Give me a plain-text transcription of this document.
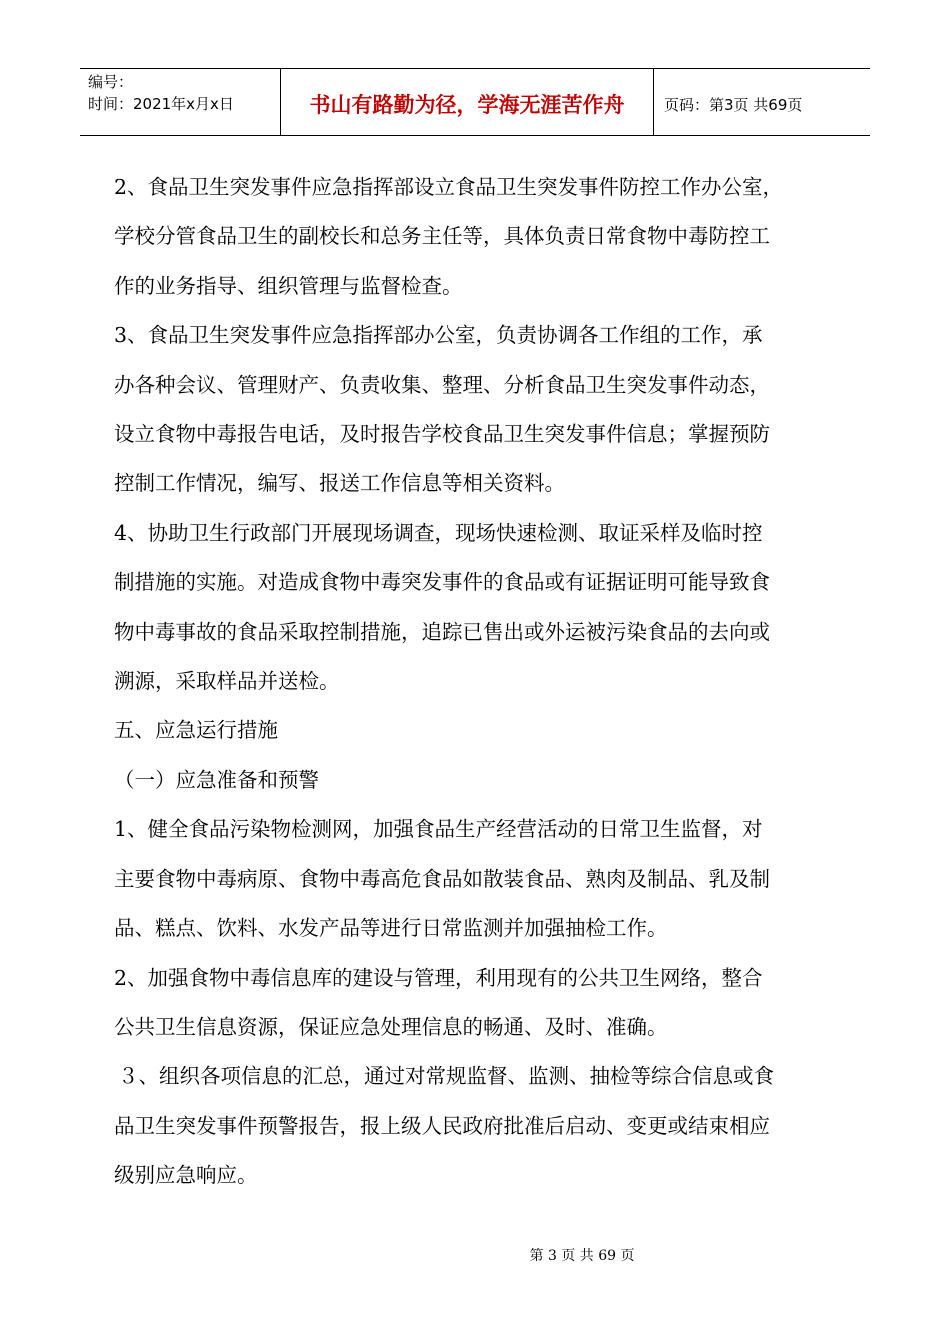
编号：
时间：2021年x月x日	书山有路勤为径，学海无涯苦作舟	页码：第3页 共69页

2、食品卫生突发事件应急指挥部设立食品卫生突发事件防控工作办公室，

学校分管食品卫生的副校长和总务主任等，具体负责日常食物中毒防控工

作的业务指导、组织管理与监督检查。

3、食品卫生突发事件应急指挥部办公室，负责协调各工作组的工作，承

办各种会议、管理财产、负责收集、整理、分析食品卫生突发事件动态，

设立食物中毒报告电话，及时报告学校食品卫生突发事件信息；掌握预防

控制工作情况，编写、报送工作信息等相关资料。

4、协助卫生行政部门开展现场调查，现场快速检测、取证采样及临时控

制措施的实施。对造成食物中毒突发事件的食品或有证据证明可能导致食

物中毒事故的食品采取控制措施，追踪已售出或外运被污染食品的去向或

溯源，采取样品并送检。

五、应急运行措施

（一）应急准备和预警

1、健全食品污染物检测网，加强食品生产经营活动的日常卫生监督，对

主要食物中毒病原、食物中毒高危食品如散装食品、熟肉及制品、乳及制

品、糕点、饮料、水发产品等进行日常监测并加强抽检工作。

2、加强食物中毒信息库的建设与管理，利用现有的公共卫生网络，整合

公共卫生信息资源，保证应急处理信息的畅通、及时、准确。

３、组织各项信息的汇总，通过对常规监督、监测、抽检等综合信息或食

品卫生突发事件预警报告，报上级人民政府批准后启动、变更或结束相应

级别应急响应。

第 3 页 共 69 页
